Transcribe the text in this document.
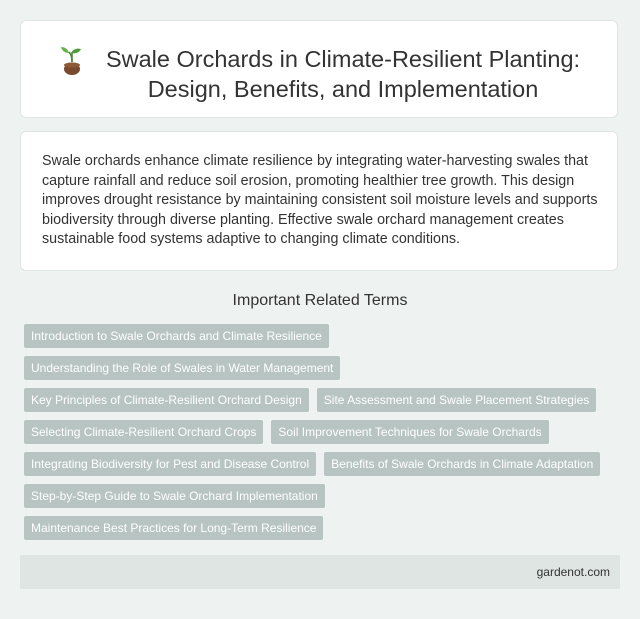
Swale Orchards in Climate-Resilient Planting: Design, Benefits, and Implementation

Swale orchards enhance climate resilience by integrating water-harvesting swales that capture rainfall and reduce soil erosion, promoting healthier tree growth. This design improves drought resistance by maintaining consistent soil moisture levels and supports biodiversity through diverse planting. Effective swale orchard management creates sustainable food systems adaptive to changing climate conditions.

Important Related Terms
Introduction to Swale Orchards and Climate Resilience
Understanding the Role of Swales in Water Management
Key Principles of Climate-Resilient Orchard Design	Site Assessment and Swale Placement Strategies
Selecting Climate-Resilient Orchard Crops	Soil Improvement Techniques for Swale Orchards
Integrating Biodiversity for Pest and Disease Control	Benefits of Swale Orchards in Climate Adaptation
Step-by-Step Guide to Swale Orchard Implementation
Maintenance Best Practices for Long-Term Resilience
gardenot.com
